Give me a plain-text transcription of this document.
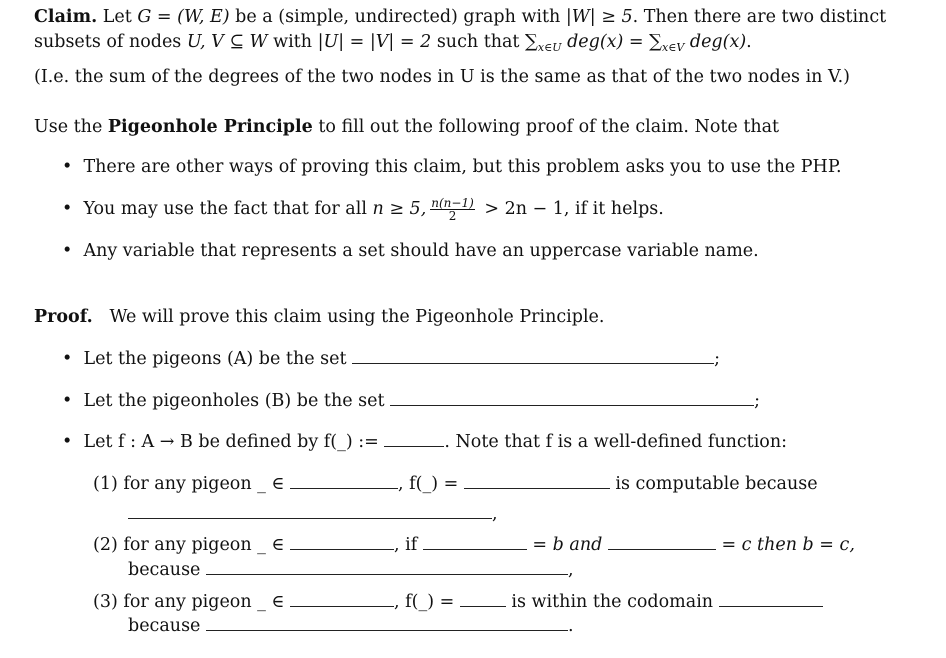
Claim. Let G = (W, E) be a (simple, undirected) graph with |W| ≥ 5. Then there are two distinct
subsets of nodes U, V ⊆ W with |U| = |V| = 2 such that $\sum_{x\in U}$ $deg(x) = \sum_{x\in V}$ deg(x).
(I.e. the sum of the degrees of the two nodes in U is the same as that of the two nodes in V.)
Use the Pigeonhole Principle to fill out the following proof of the claim. Note that
•  There are other ways of proving this claim, but this problem asks you to use the PHP.
•  You may use the fact that for all n ≥ 5, $\frac{n(n-1)}{2} > 2n - 1$, if it helps.
•  Any variable that represents a set should have an uppercase variable name.
Proof. We will prove this claim using the Pigeonhole Principle.
•  Let the pigeons (A) be the set	;
•  Let the pigeonholes (B) be the set	;
•  Let f : A → B be defined by f(_) :=	. Note that f is a well-defined function:
(1) for any pigeon _ ∈	, f(_) =	is computable because
,
(2) for any pigeon _ ∈	, if	= b and	= c then b = c,
because	,
(3) for any pigeon _ ∈	, f(_) =	is within the codomain
because	.
